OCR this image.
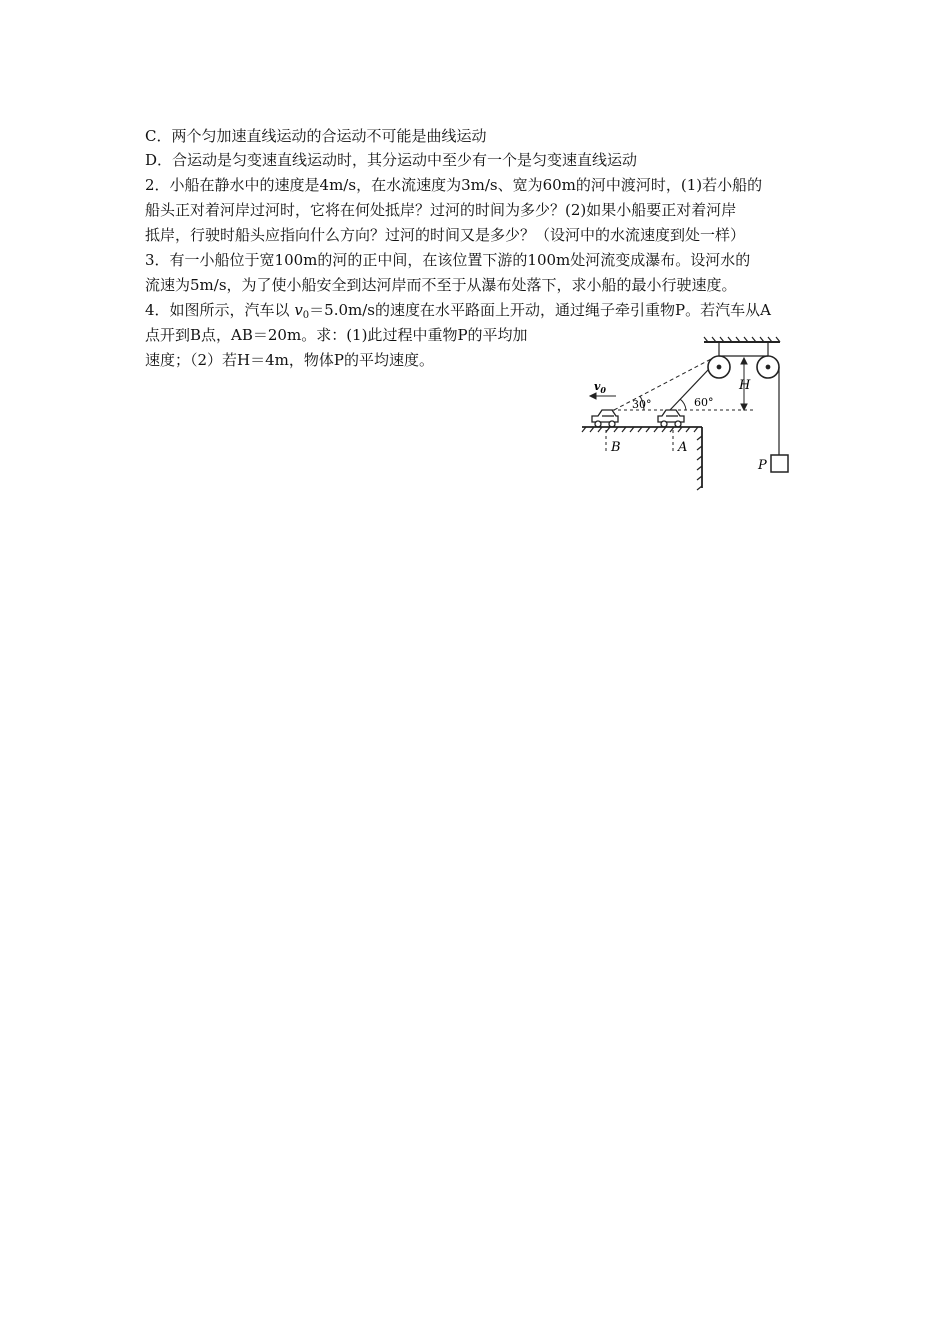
C．两个匀加速直线运动的合运动不可能是曲线运动
D．合运动是匀变速直线运动时，其分运动中至少有一个是匀变速直线运动
2．小船在静水中的速度是4m/s，在水流速度为3m/s、宽为60m的河中渡河时，(1)若小船的
船头正对着河岸过河时，它将在何处抵岸？过河的时间为多少？(2)如果小船要正对着河岸
抵岸，行驶时船头应指向什么方向？过河的时间又是多少？（设河中的水流速度到处一样）
3．有一小船位于宽100m的河的正中间，在该位置下游的100m处河流变成瀑布。设河水的
流速为5m/s，为了使小船安全到达河岸而不至于从瀑布处落下，求小船的最小行驶速度。
4．如图所示，汽车以 $v_0=5.0m/s$的速度在水平路面上开动，通过绳子牵引重物P。若汽车从A
点开到B点，AB＝20m。求：(1)此过程中重物P的平均加
速度；（2）若H＝4m，物体P的平均速度。
H
30°	60°
$v_0$
B	A
P
